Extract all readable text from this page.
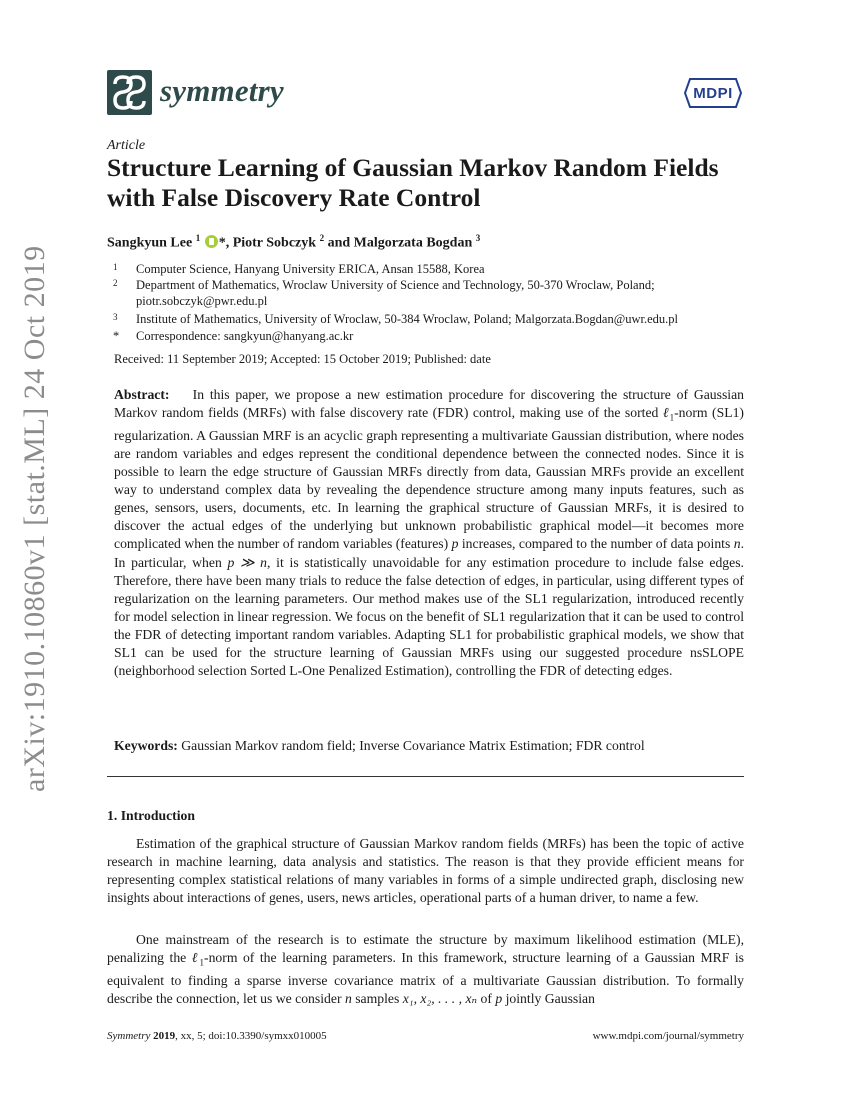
symmetry	MDPI
arXiv:1910.10860v1 [stat.ML] 24 Oct 2019
Article
Structure Learning of Gaussian Markov Random Fields with False Discovery Rate Control
Sangkyun Lee $^1$ *, Piotr Sobczyk $^2$ and Malgorzata Bogdan $^3$
1 Computer Science, Hanyang University ERICA, Ansan 15588, Korea
2 Department of Mathematics, Wroclaw University of Science and Technology, 50-370 Wroclaw, Poland; piotr.sobczyk@pwr.edu.pl
3 Institute of Mathematics, University of Wroclaw, 50-384 Wroclaw, Poland; Malgorzata.Bogdan@uwr.edu.pl
* Correspondence: sangkyun@hanyang.ac.kr
Received: 11 September 2019; Accepted: 15 October 2019; Published: date
Abstract: In this paper, we propose a new estimation procedure for discovering the structure of Gaussian Markov random fields (MRFs) with false discovery rate (FDR) control, making use of the sorted ℓ$_1$-norm (SL1) regularization. A Gaussian MRF is an acyclic graph representing a multivariate Gaussian distribution, where nodes are random variables and edges represent the conditional dependence between the connected nodes. Since it is possible to learn the edge structure of Gaussian MRFs directly from data, Gaussian MRFs provide an excellent way to understand complex data by revealing the dependence structure among many inputs features, such as genes, sensors, users, documents, etc. In learning the graphical structure of Gaussian MRFs, it is desired to discover the actual edges of the underlying but unknown probabilistic graphical model—it becomes more complicated when the number of random variables (features) p increases, compared to the number of data points n. In particular, when p ≫ n, it is statistically unavoidable for any estimation procedure to include false edges. Therefore, there have been many trials to reduce the false detection of edges, in particular, using different types of regularization on the learning parameters. Our method makes use of the SL1 regularization, introduced recently for model selection in linear regression. We focus on the benefit of SL1 regularization that it can be used to control the FDR of detecting important random variables. Adapting SL1 for probabilistic graphical models, we show that SL1 can be used for the structure learning of Gaussian MRFs using our suggested procedure nsSLOPE (neighborhood selection Sorted L-One Penalized Estimation), controlling the FDR of detecting edges.
Keywords: Gaussian Markov random field; Inverse Covariance Matrix Estimation; FDR control
1. Introduction
Estimation of the graphical structure of Gaussian Markov random fields (MRFs) has been the topic of active research in machine learning, data analysis and statistics. The reason is that they provide efficient means for representing complex statistical relations of many variables in forms of a simple undirected graph, disclosing new insights about interactions of genes, users, news articles, operational parts of a human driver, to name a few.
One mainstream of the research is to estimate the structure by maximum likelihood estimation (MLE), penalizing the ℓ$_1$-norm of the learning parameters. In this framework, structure learning of a Gaussian MRF is equivalent to finding a sparse inverse covariance matrix of a multivariate Gaussian distribution. To formally describe the connection, let us we consider n samples x₁, x₂, . . . , xₙ of p jointly Gaussian
Symmetry 2019, xx, 5; doi:10.3390/symxx010005	www.mdpi.com/journal/symmetry
